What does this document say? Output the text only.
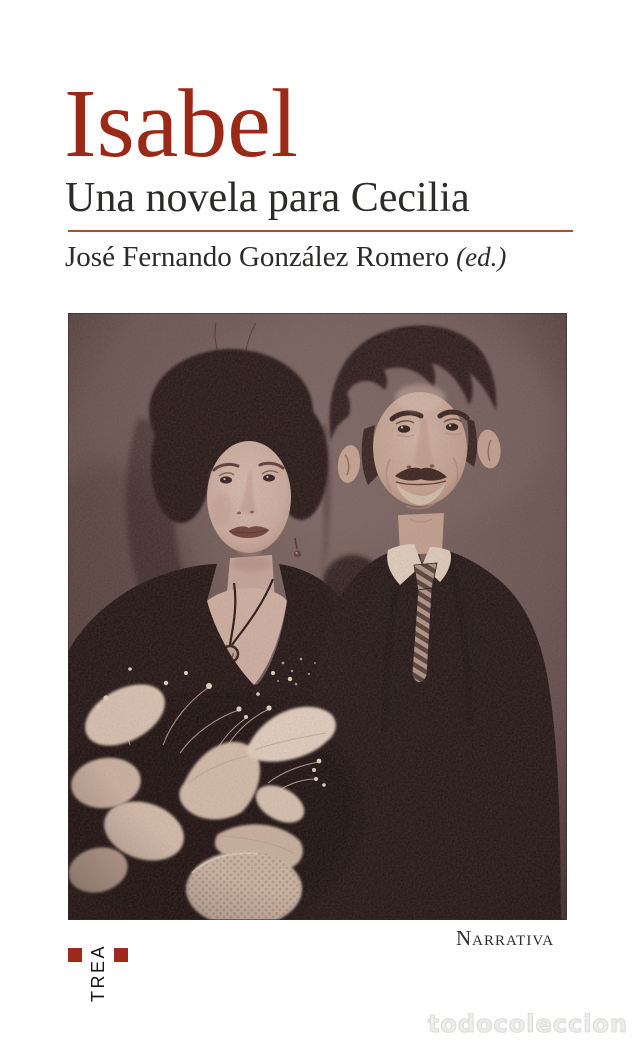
Isabel
Una novela para Cecilia
José Fernando González Romero (ed.)
TREA
Narrativa
todocoleccion
